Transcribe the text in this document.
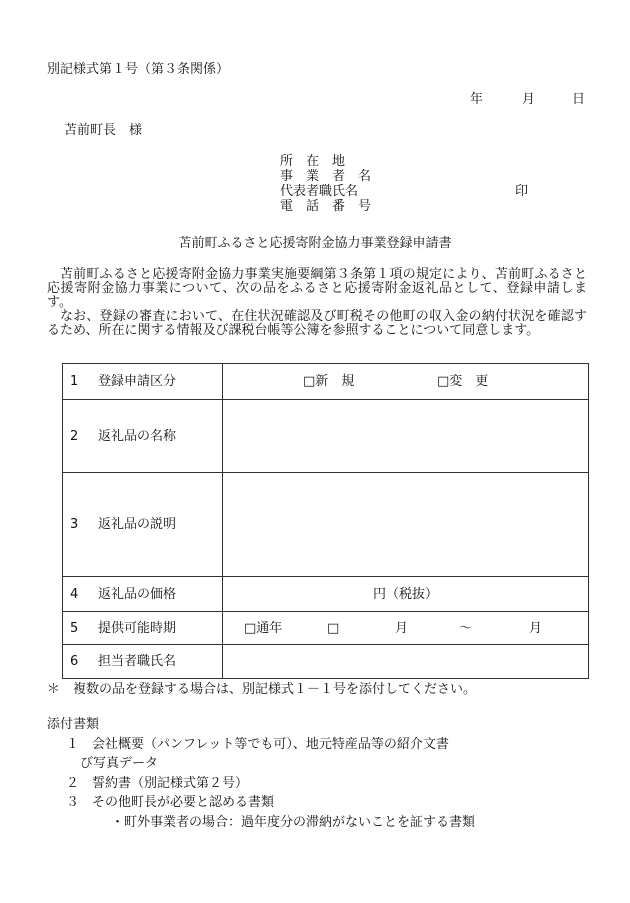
別記様式第１号（第３条関係）
年	月	日
苫前町長　様
所　在　地
事　業　者　名
代表者職氏名	印
電　話　番　号
苫前町ふるさと応援寄附金協力事業登録申請書

苫前町ふるさと応援寄附金協力事業実施要綱第３条第１項の規定により、苫前町ふるさと応援寄附金協力事業について、次の品をふるさと応援寄附金返礼品として、登録申請します。

なお、登録の審査において、在住状況確認及び町税その他町の収入金の納付状況を確認するため、所在に関する情報及び課税台帳等公簿を参照することについて同意します。

1 登録申請区分	□新　規 □変　更

2 返礼品の名称	
3 返礼品の説明	
4 返礼品の価格	円（税抜）
5 提供可能時期	□通年 □ 月 ～ 月

6 担当者職氏名	
＊　複数の品を登録する場合は、別記様式１－１号を添付してください。
添付書類
１　会社概要（パンフレット等でも可）、地元特産品等の紹介文書
び写真データ
２　誓約書（別記様式第２号）
３　その他町長が必要と認める書類
・町外事業者の場合：過年度分の滞納がないことを証する書類
